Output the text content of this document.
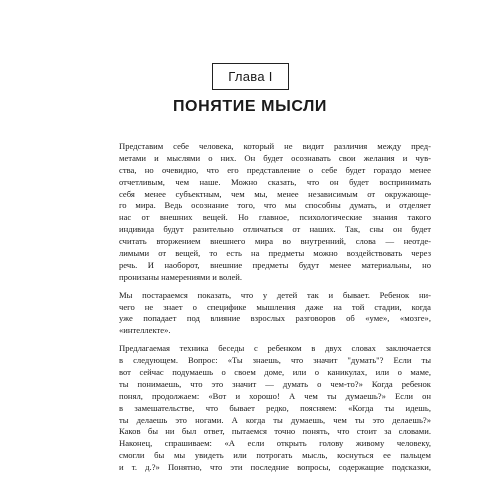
Глава I
ПОНЯТИЕ МЫСЛИ
Представим себе человека, который не видит различия между пред-
метами и мыслями о них. Он будет осознавать свои желания и чув-
ства, но очевидно, что его представление о себе будет гораздо менее
отчетливым, чем наше. Можно сказать, что он будет воспринимать
себя менее субъектным, чем мы, менее независимым от окружающе-
го мира. Ведь осознание того, что мы способны думать, и отделяет
нас от внешних вещей. Но главное, психологические знания такого
индивида будут разительно отличаться от наших. Так, сны он будет
считать вторжением внешнего мира во внутренний, слова — неотде-
лимыми от вещей, то есть на предметы можно воздействовать через
речь. И наоборот, внешние предметы будут менее материальны, но
пронизаны намерениями и волей.
Мы постараемся показать, что у детей так и бывает. Ребенок ни-
чего не знает о специфике мышления даже на той стадии, когда
уже попадает под влияние взрослых разговоров об «уме», «мозге»,
«интеллекте».
Предлагаемая техника беседы с ребенком в двух словах заключается
в следующем. Вопрос: «Ты знаешь, что значит "думать"? Если ты
вот сейчас подумаешь о своем доме, или о каникулах, или о маме,
ты понимаешь, что это значит — думать о чем-то?» Когда ребенок
понял, продолжаем: «Вот и хорошо! А чем ты думаешь?» Если он
в замешательстве, что бывает редко, поясняем: «Когда ты идешь,
ты делаешь это ногами. А когда ты думаешь, чем ты это делаешь?»
Каков бы ни был ответ, пытаемся точно понять, что стоит за словами.
Наконец, спрашиваем: «А если открыть голову живому человеку,
смогли бы мы увидеть или потрогать мысль, коснуться ее пальцем
и т. д.?» Понятно, что эти последние вопросы, содержащие подсказки,
